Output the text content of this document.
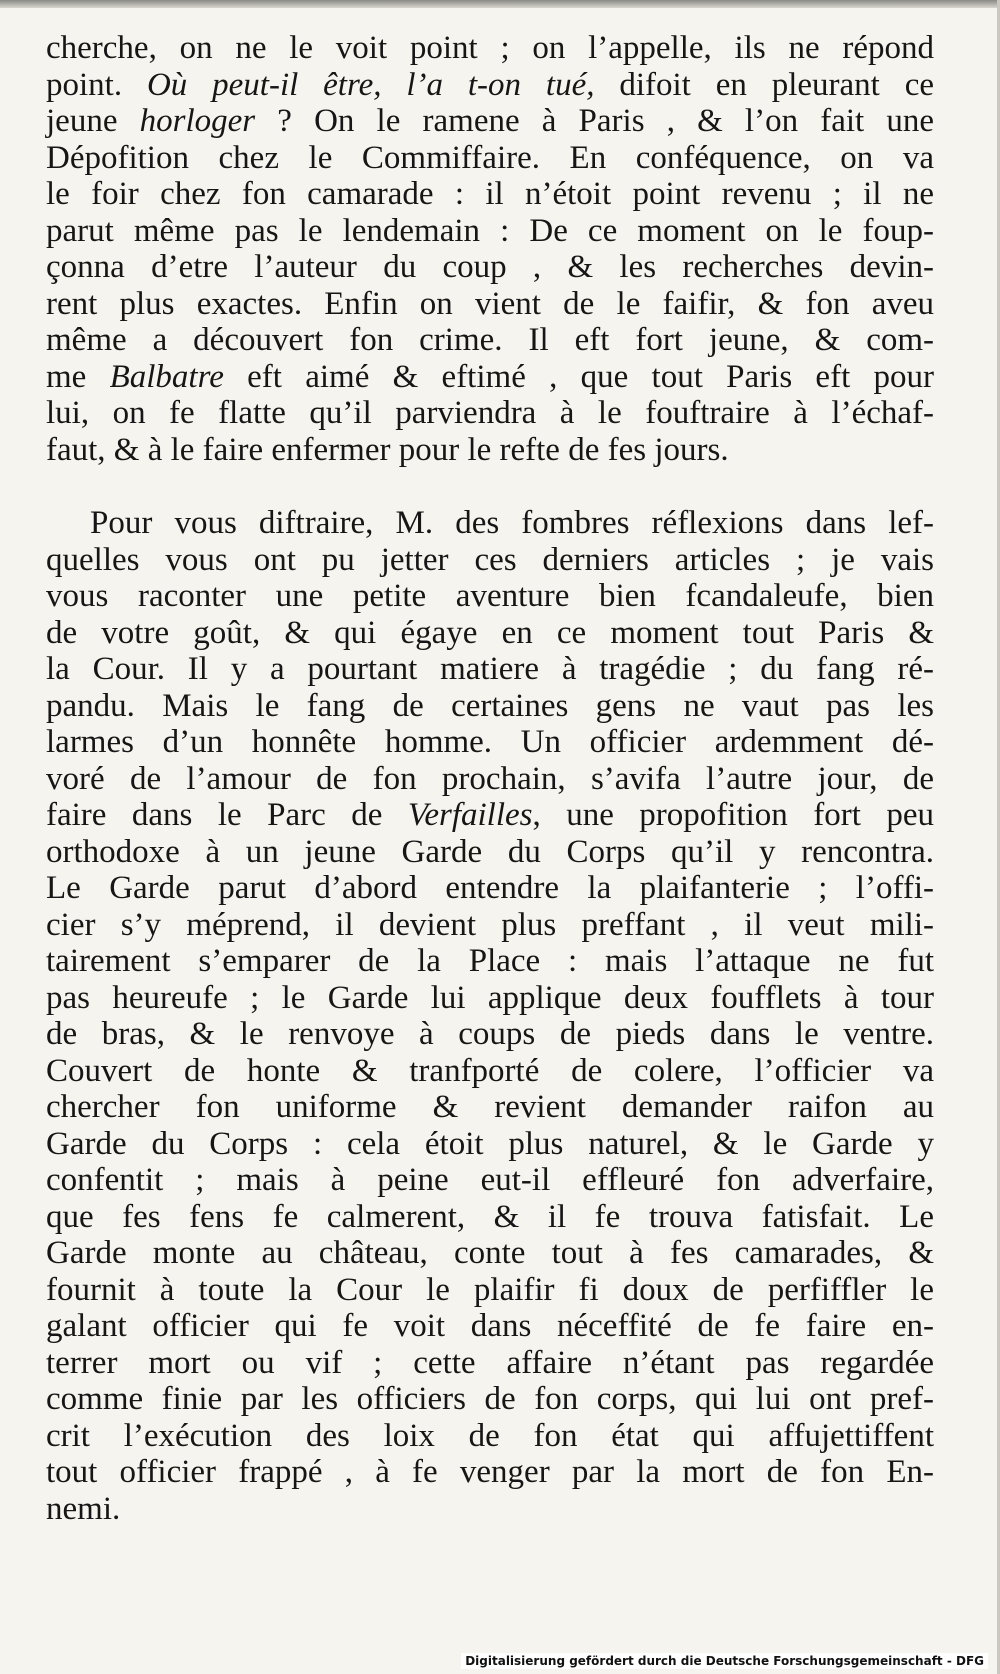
cherche, on ne le voit point ; on l’appelle, ils ne répond
point. Où peut-il être, l’a t-on tué, difoit en pleurant ce
jeune horloger ? On le ramene à Paris , & l’on fait une
Dépofition chez le Commiffaire. En conféquence, on va
le foir chez fon camarade : il n’étoit point revenu ; il ne
parut même pas le lendemain : De ce moment on le foup-
çonna d’etre l’auteur du coup , & les recherches devin-
rent plus exactes. Enfin on vient de le faifir, & fon aveu
même a découvert fon crime. Il eft fort jeune, & com-
me Balbatre eft aimé & eftimé , que tout Paris eft pour
lui, on fe flatte qu’il parviendra à le fouftraire à l’échaf-
faut, & à le faire enfermer pour le refte de fes jours.
Pour vous diftraire, M. des fombres réflexions dans lef-
quelles vous ont pu jetter ces derniers articles ; je vais
vous raconter une petite aventure bien fcandaleufe, bien
de votre goût, & qui égaye en ce moment tout Paris &
la Cour. Il y a pourtant matiere à tragédie ; du fang ré-
pandu. Mais le fang de certaines gens ne vaut pas les
larmes d’un honnête homme. Un officier ardemment dé-
voré de l’amour de fon prochain, s’avifa l’autre jour, de
faire dans le Parc de Verfailles, une propofition fort peu
orthodoxe à un jeune Garde du Corps qu’il y rencontra.
Le Garde parut d’abord entendre la plaifanterie ; l’offi-
cier s’y méprend, il devient plus preffant , il veut mili-
tairement s’emparer de la Place : mais l’attaque ne fut
pas heureufe ; le Garde lui applique deux foufflets à tour
de bras, & le renvoye à coups de pieds dans le ventre.
Couvert de honte & tranfporté de colere, l’officier va
chercher fon uniforme & revient demander raifon au
Garde du Corps : cela étoit plus naturel, & le Garde y
confentit ; mais à peine eut-il effleuré fon adverfaire,
que fes fens fe calmerent, & il fe trouva fatisfait. Le
Garde monte au château, conte tout à fes camarades, &
fournit à toute la Cour le plaifir fi doux de perfiffler le
galant officier qui fe voit dans néceffité de fe faire en-
terrer mort ou vif ; cette affaire n’étant pas regardée
comme finie par les officiers de fon corps, qui lui ont pref-
crit l’exécution des loix de fon état qui affujettiffent
tout officier frappé , à fe venger par la mort de fon En-
nemi.
Digitalisierung gefördert durch die Deutsche Forschungsgemeinschaft - DFG
